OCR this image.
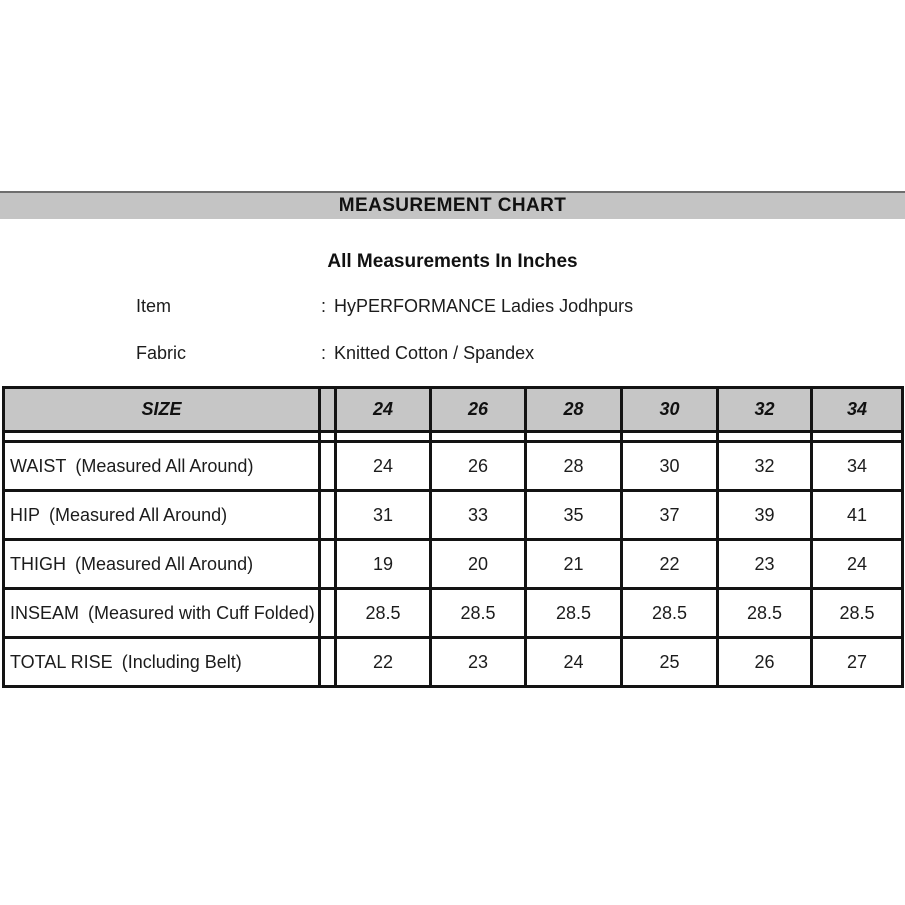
MEASUREMENT CHART
All Measurements In Inches
Item	: HyPERFORMANCE Ladies Jodhpurs
Fabric	: Knitted Cotton / Spandex
SIZE		24	26	28	30	32	34

WAIST (Measured All Around)		24	26	28	30	32	34
HIP (Measured All Around)		31	33	35	37	39	41
THIGH (Measured All Around)		19	20	21	22	23	24
INSEAM (Measured with Cuff Folded)		28.5	28.5	28.5	28.5	28.5	28.5
TOTAL RISE (Including Belt)		22	23	24	25	26	27
